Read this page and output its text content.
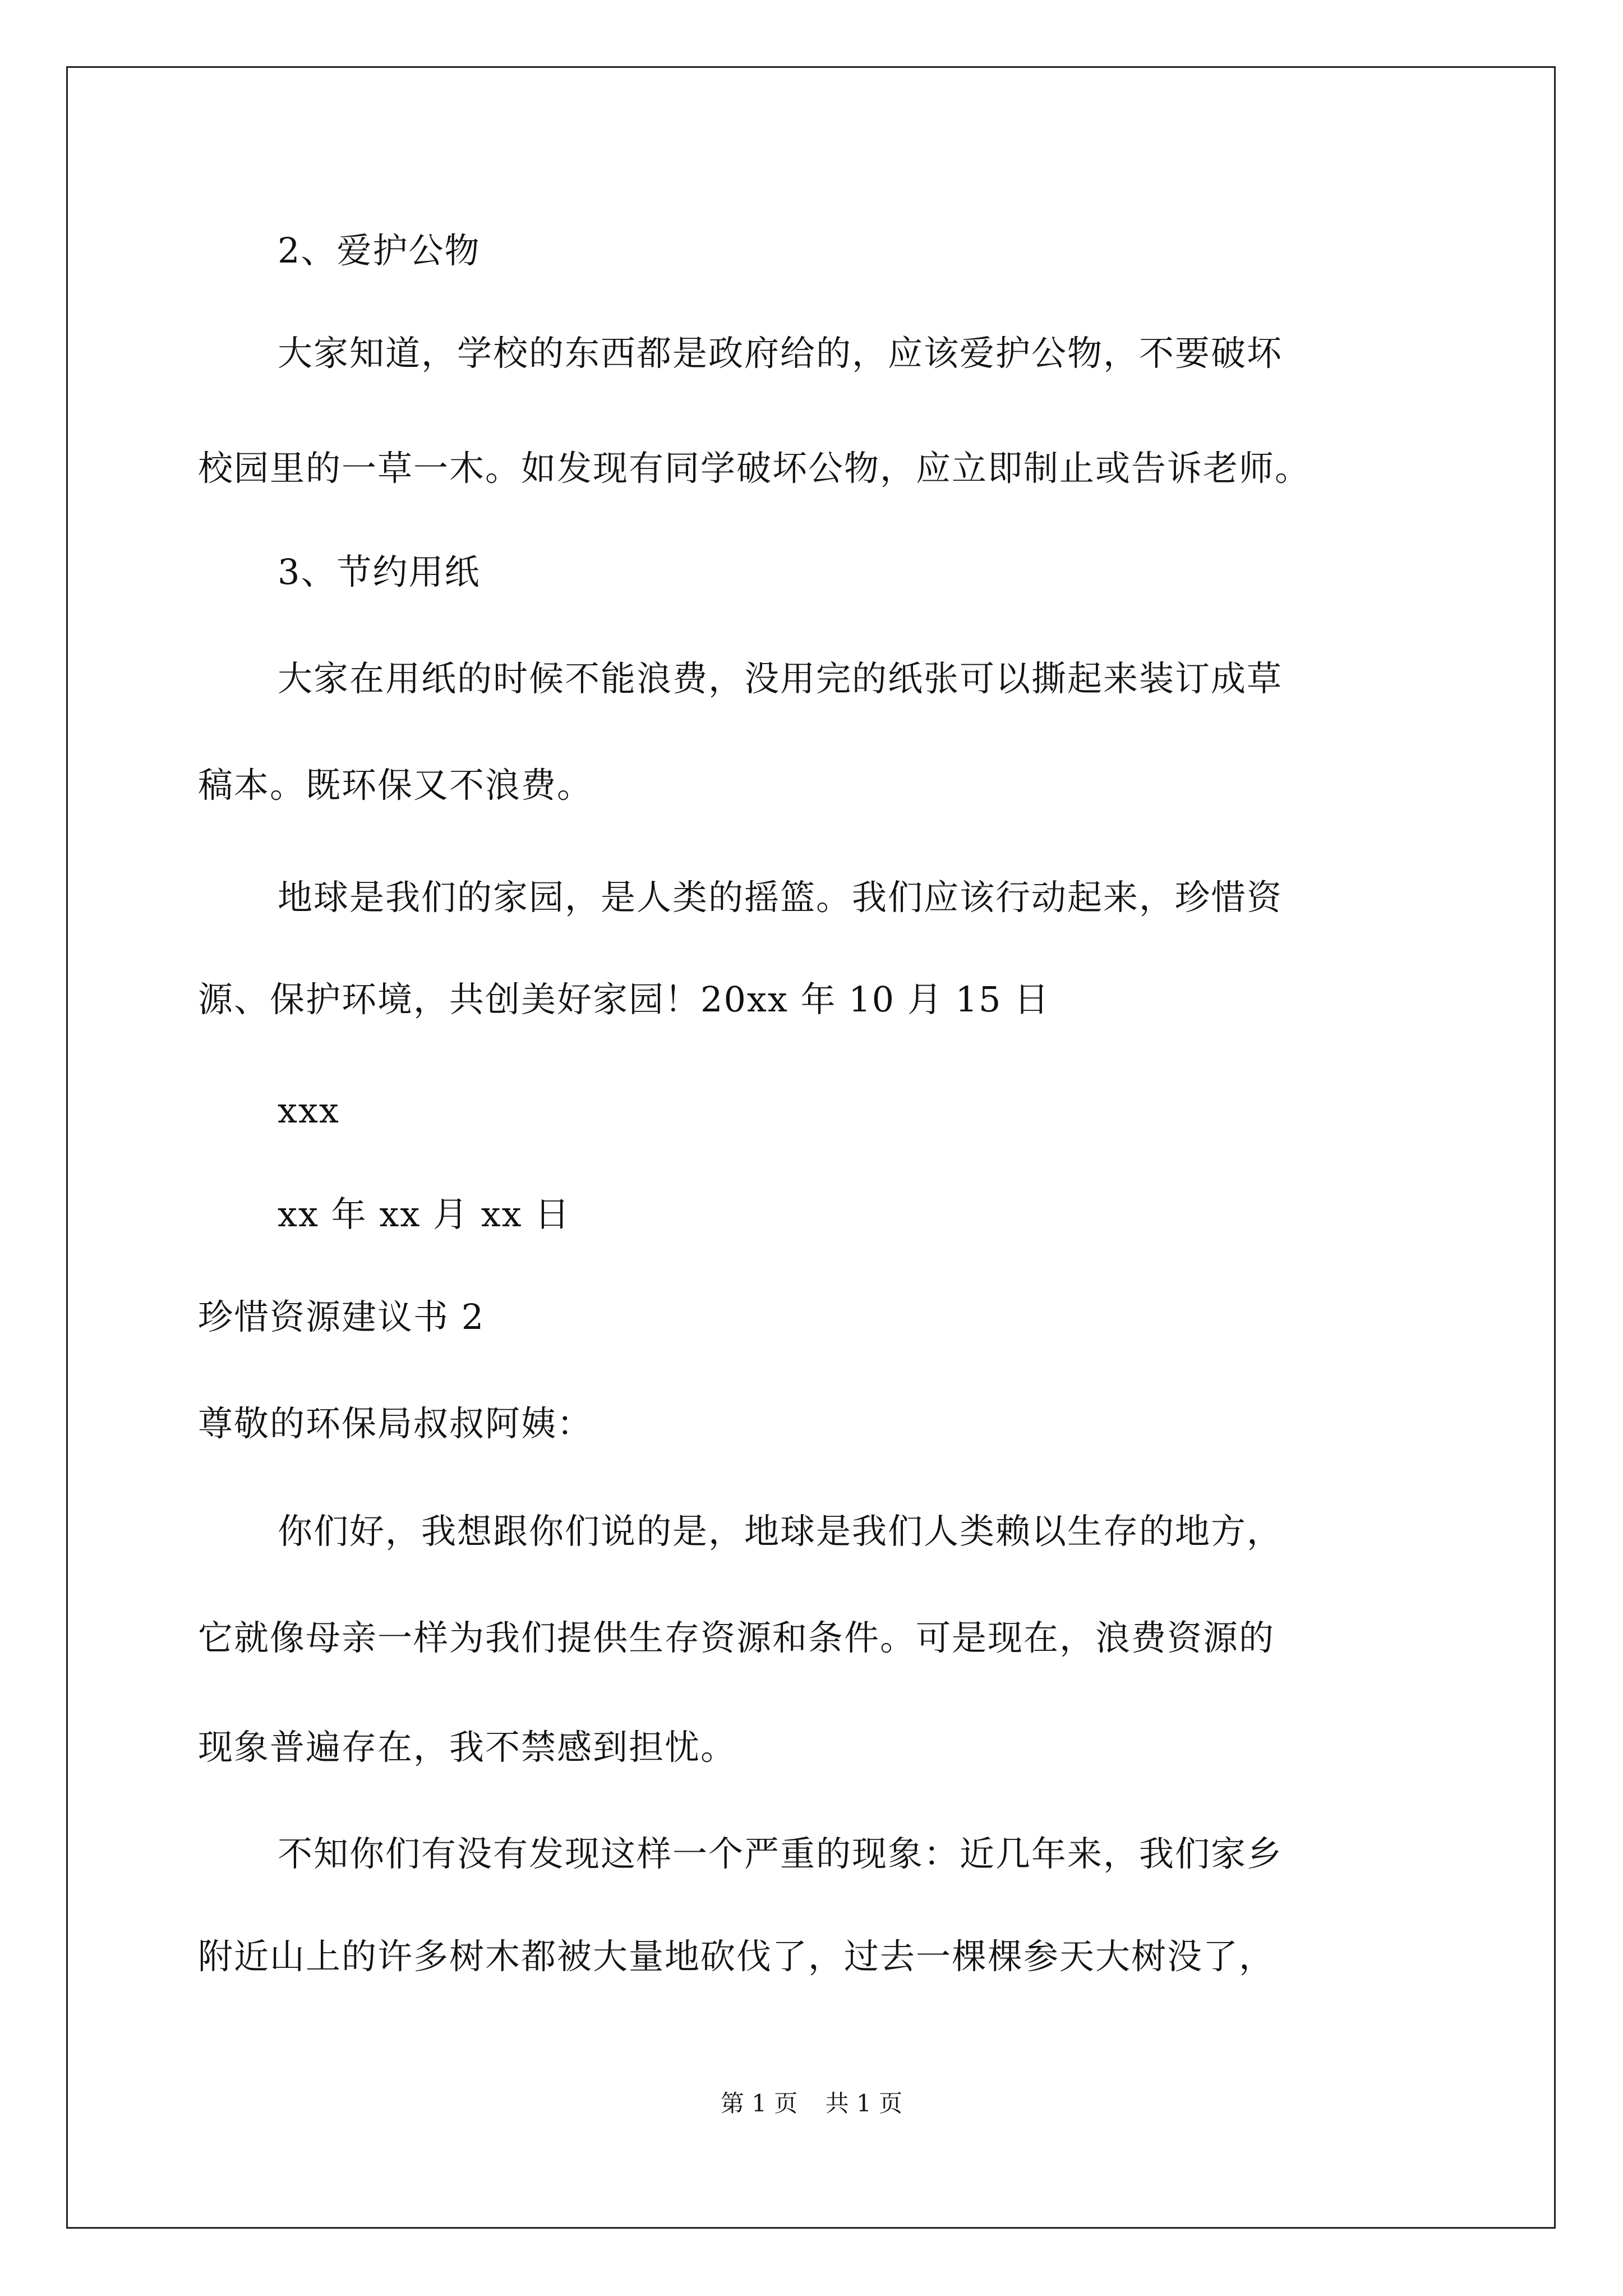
2、爱护公物
大家知道，学校的东西都是政府给的，应该爱护公物，不要破坏
校园里的一草一木。如发现有同学破坏公物，应立即制止或告诉老师。
3、节约用纸
大家在用纸的时候不能浪费，没用完的纸张可以撕起来装订成草
稿本。既环保又不浪费。
地球是我们的家园，是人类的摇篮。我们应该行动起来，珍惜资
源、保护环境，共创美好家园！20xx 年 10 月 15 日
xxx
xx 年 xx 月 xx 日
珍惜资源建议书 2
尊敬的环保局叔叔阿姨：
你们好，我想跟你们说的是，地球是我们人类赖以生存的地方，
它就像母亲一样为我们提供生存资源和条件。可是现在，浪费资源的
现象普遍存在，我不禁感到担忧。
不知你们有没有发现这样一个严重的现象：近几年来，我们家乡
附近山上的许多树木都被大量地砍伐了，过去一棵棵参天大树没了，
第 1 页 共 1 页
